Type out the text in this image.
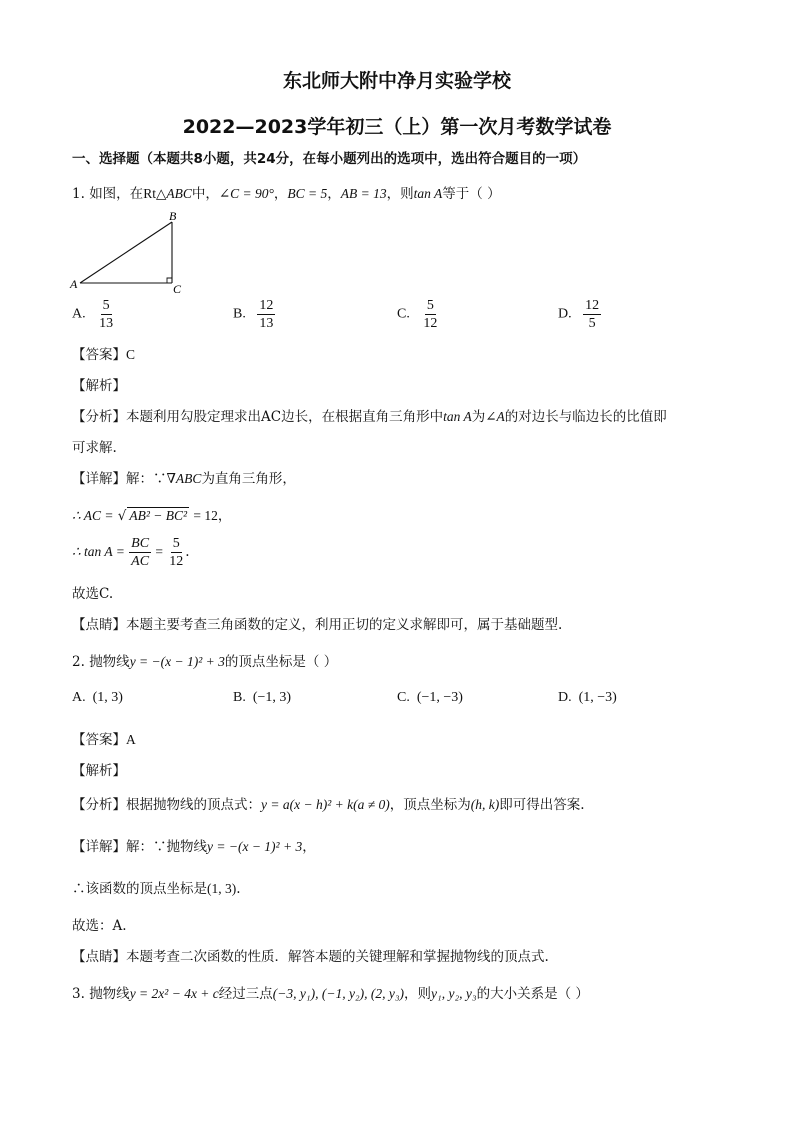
东北师大附中净月实验学校
2022—2023学年初三（上）第一次月考数学试卷
一、选择题（本题共8小题，共24分，在每小题列出的选项中，选出符合题目的一项）
1. 如图，在Rt△ABC中，∠C = 90°，BC = 5，AB = 13，则tan A等于（ ）
A
B
C
A. $\frac{5}{13}$	B. $\frac{12}{13}$	C. $\frac{5}{12}$	D. $\frac{12}{5}$
【答案】C
【解析】
【分析】本题利用勾股定理求出AC边长，在根据直角三角形中tan A为∠A的对边长与临边长的比值即
可求解.
【详解】解：∵∇ABC为直角三角形，
∴ AC = √ AB² − BC² = 12，
∴ $\tan A = \frac{BC}{AC} = \frac{5}{12}$ .
故选C.
【点睛】本题主要考查三角函数的定义，利用正切的定义求解即可，属于基础题型.
2. 抛物线y = −(x − 1)² + 3的顶点坐标是（ ）
A. (1, 3)	B. (−1, 3)	C. (−1, −3)	D. (1, −3)
【答案】A
【解析】
【分析】根据抛物线的顶点式：y = a(x − h)² + k(a ≠ 0)，顶点坐标为(h, k)即可得出答案.
【详解】解：∵抛物线y = −(x − 1)² + 3，
∴该函数的顶点坐标是(1, 3).
故选：A.
【点睛】本题考查二次函数的性质．解答本题的关键理解和掌握抛物线的顶点式.
3. 抛物线y = 2x² − 4x + c经过三点(−3, y₁), (−1, y₂), (2, y₃)，则y₁, y₂, y₃的大小关系是（ ）
